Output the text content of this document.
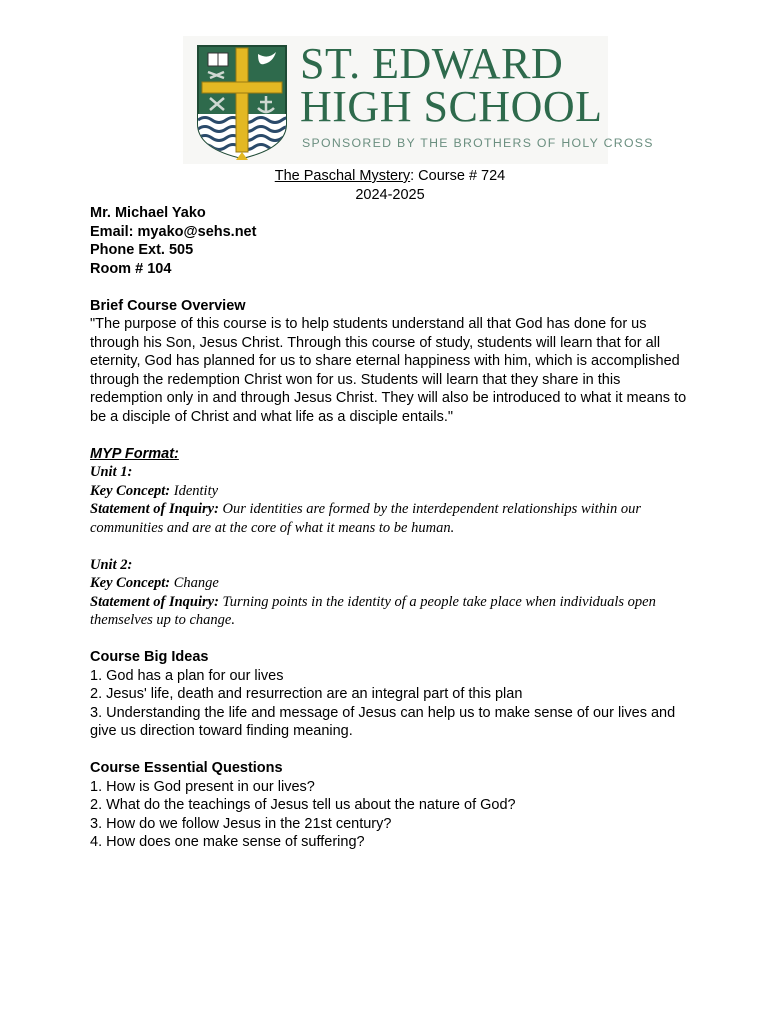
ST. EDWARD
HIGH SCHOOL
SPONSORED BY THE BROTHERS OF HOLY CROSS
The Paschal Mystery: Course # 724
2024-2025

Mr. Michael Yako

Email: myako@sehs.net

Phone Ext. 505

Room # 104

Brief Course Overview

"The purpose of this course is to help students understand all that God has done for us through his Son, Jesus Christ. Through this course of study, students will learn that for all eternity, God has planned for us to share eternal happiness with him, which is accomplished through the redemption Christ won for us. Students will learn that they share in this redemption only in and through Jesus Christ. They will also be introduced to what it means to be a disciple of Christ and what life as a disciple entails."

MYP Format:

Unit 1:
Key Concept: Identity
Statement of Inquiry: Our identities are formed by the interdependent relationships within our communities and are at the core of what it means to be human.
Unit 2:
Key Concept: Change
Statement of Inquiry: Turning points in the identity of a people take place when individuals open themselves up to change.

Course Big Ideas

1. God has a plan for our lives

2. Jesus' life, death and resurrection are an integral part of this plan

3. Understanding the life and message of Jesus can help us to make sense of our lives and give us direction toward finding meaning.

Course Essential Questions

1. How is God present in our lives?

2. What do the teachings of Jesus tell us about the nature of God?

3. How do we follow Jesus in the 21st century?

4. How does one make sense of suffering?
